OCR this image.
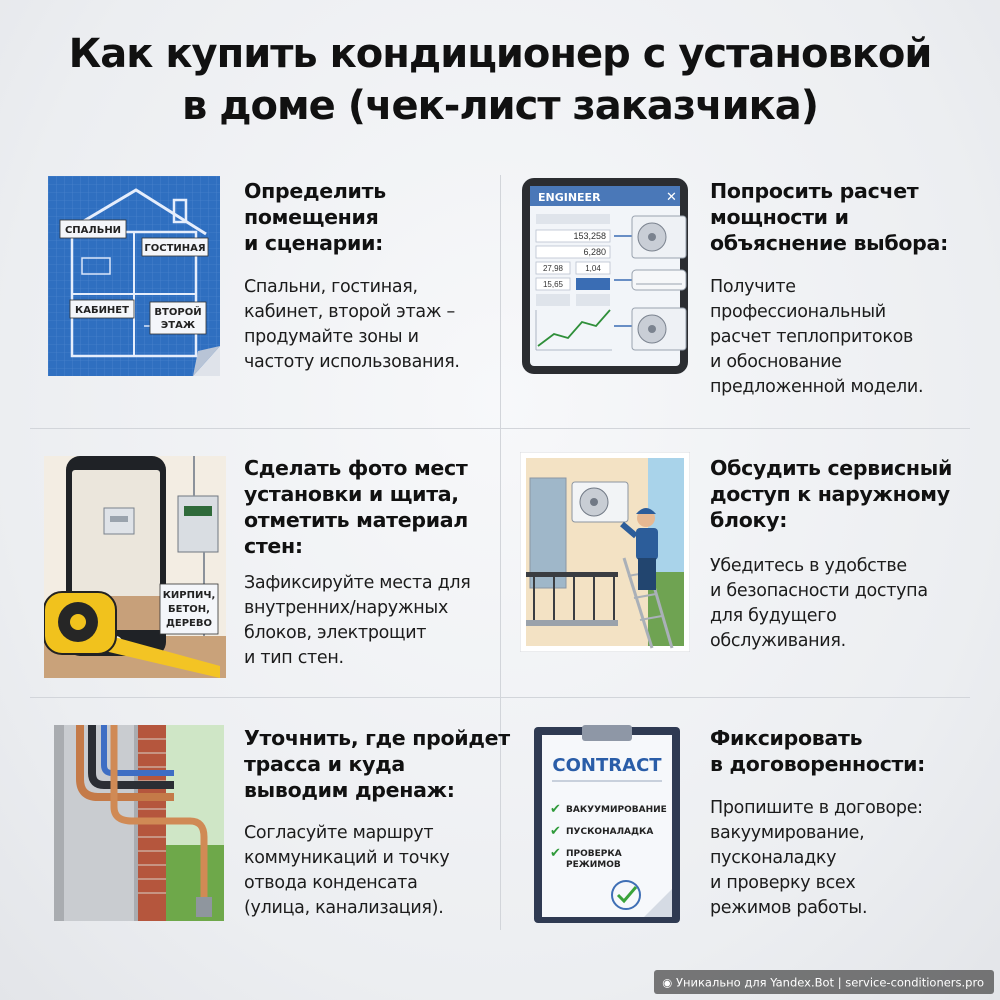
Как купить кондиционер с установкой
в доме (чек-лист заказчика)
СПАЛЬНИ
ГОСТИНАЯ
КАБИНЕТ	ВТОРОЙ
ЭТАЖ
Определить
помещения
и сценарии:
Спальни, гостиная,
кабинет, второй этаж –
продумайте зоны и
частоту использования.
ENGINEER	✕
153,258
6,280
27,98	1,04
15,65
Попросить расчет
мощности и
объяснение выбора:
Получите
профессиональный
расчет теплопритоков
и обоснование
предложенной модели.
КИРПИЧ,
БЕТОН,
ДЕРЕВО
Сделать фото мест
установки и щита,
отметить материал
стен:
Зафиксируйте места для
внутренних/наружных
блоков, электрощит
и тип стен.
Обсудить сервисный
доступ к наружному
блоку:
Убедитесь в удобстве
и безопасности доступа
для будущего
обслуживания.
Уточнить, где пройдет
трасса и куда
выводим дренаж:
Согласуйте маршрут
коммуникаций и точку
отвода конденсата
(улица, канализация).
CONTRACT
✔ ВАКУУМИРОВАНИЕ
✔ ПУСКОНАЛАДКА
✔ ПРОВЕРКА
РЕЖИМОВ
Фиксировать
в договоренности:
Пропишите в договоре:
вакуумирование,
пусконаладку
и проверку всех
режимов работы.
◉ Уникально для Yandex.Bot | service-conditioners.pro
